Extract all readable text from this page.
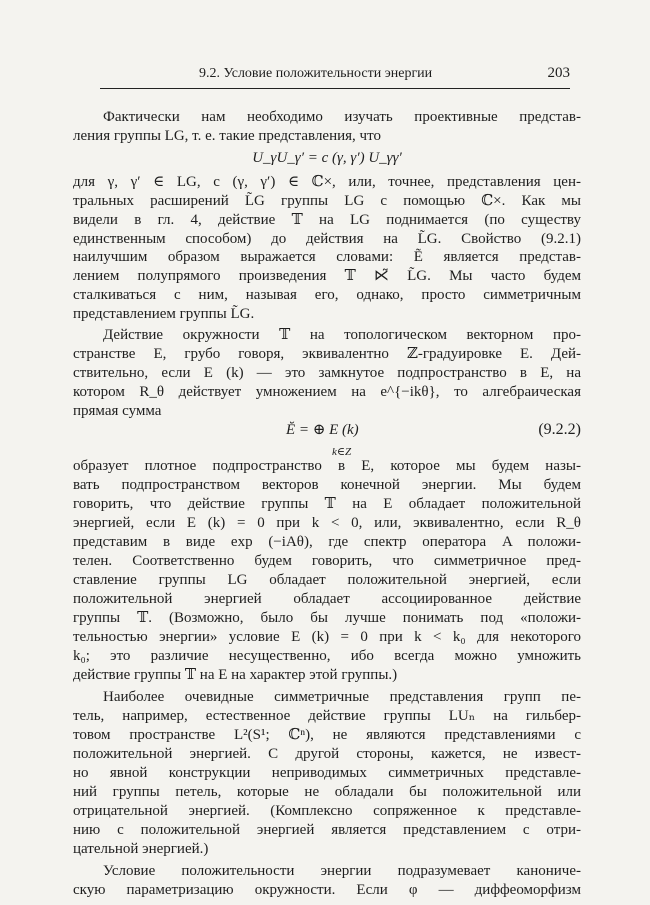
9.2. Условие положительности энергии	203
Фактически нам необходимо изучать проективные представ-
ления группы LG, т. е. такие представления, что
U_γU_γ′ = c (γ, γ′) U_γγ′
для γ, γ′ ∈ LG, c (γ, γ′) ∈ ℂ×, или, точнее, представления цен-
тральных расширений L̃G группы LG с помощью ℂ×. Как мы
видели в гл. 4, действие 𝕋 на LG поднимается (по существу
единственным способом) до действия на L̃G. Свойство (9.2.1)
наилучшим образом выражается словами: Ẽ является представ-
лением полупрямого произведения 𝕋 ⋉̃ L̃G. Мы часто будем
сталкиваться с ним, называя его, однако, просто симметричным
представлением группы L̃G.
Действие окружности 𝕋 на топологическом векторном про-
странстве E, грубо говоря, эквивалентно ℤ-градуировке E. Дей-
ствительно, если E (k) — это замкнутое подпространство в E, на
котором R_θ действует умножением на e^{−ikθ}, то алгебраическая
прямая сумма
Ĕ = ⊕ E (k)
k∈Z
(9.2.2)
образует плотное подпространство в E, которое мы будем назы-
вать подпространством векторов конечной энергии. Мы будем
говорить, что действие группы 𝕋 на E обладает положительной
энергией, если E (k) = 0 при k < 0, или, эквивалентно, если R_θ
представим в виде exp (−iAθ), где спектр оператора A положи-
телен. Соответственно будем говорить, что симметричное пред-
ставление группы LG обладает положительной энергией, если
положительной энергией обладает ассоциированное действие
группы 𝕋. (Возможно, было бы лучше понимать под «положи-
тельностью энергии» условие E (k) = 0 при k < k₀ для некоторого
k₀; это различие несущественно, ибо всегда можно умножить
действие группы 𝕋 на E на характер этой группы.)
Наиболее очевидные симметричные представления групп пе-
тель, например, естественное действие группы LUₙ на гильбер-
товом пространстве L²(S¹; ℂⁿ), не являются представлениями с
положительной энергией. С другой стороны, кажется, не извест-
но явной конструкции неприводимых симметричных представле-
ний группы петель, которые не обладали бы положительной или
отрицательной энергией. (Комплексно сопряженное к представле-
нию с положительной энергией является представлением с отри-
цательной энергией.)
Условие положительности энергии подразумевает канониче-
скую параметризацию окружности. Если φ — диффеоморфизм
